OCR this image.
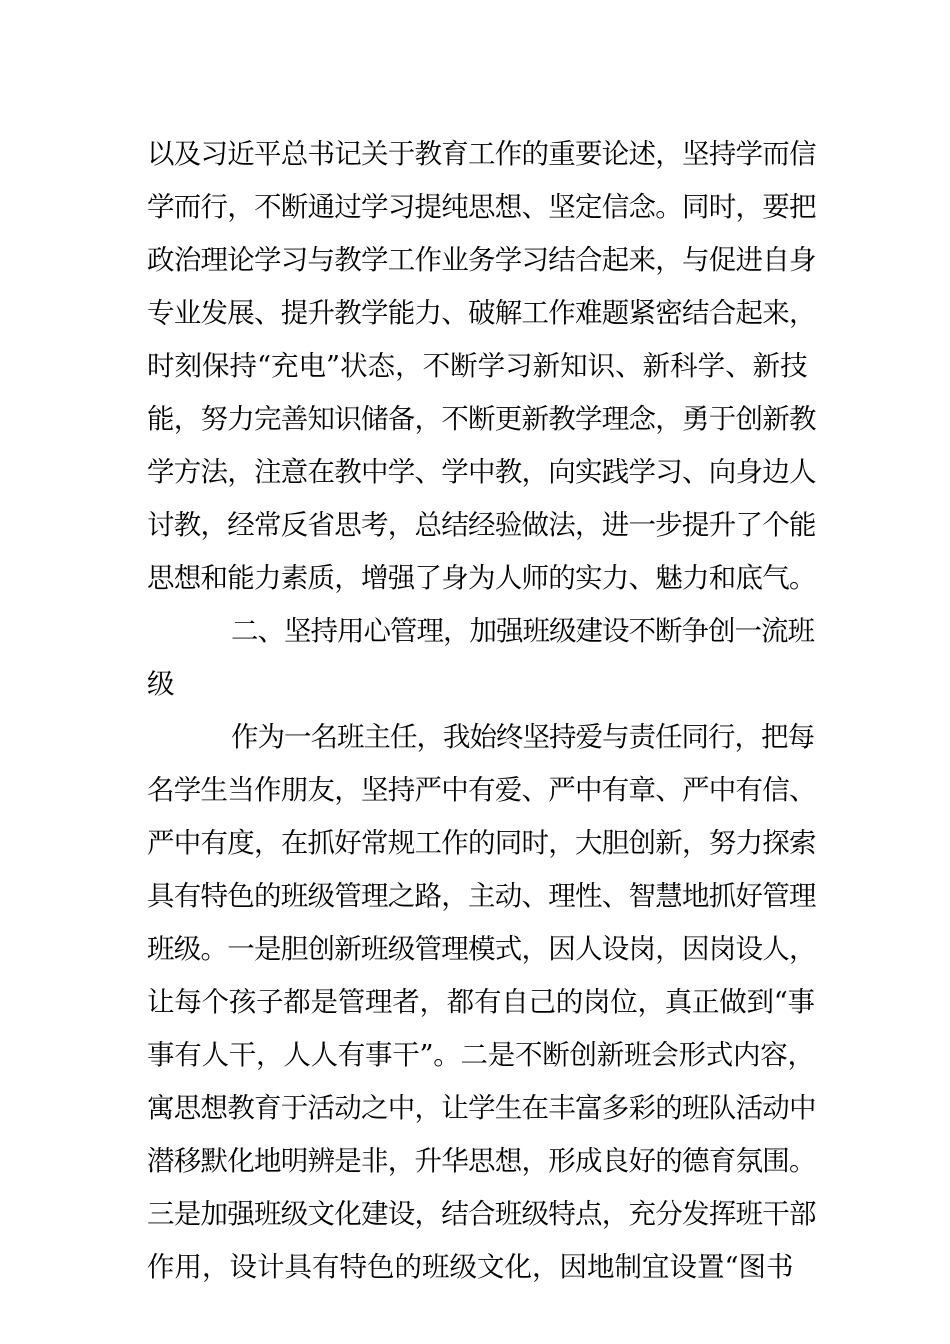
以及习近平总书记关于教育工作的重要论述，坚持学而信
学而行，不断通过学习提纯思想、坚定信念。同时，要把
政治理论学习与教学工作业务学习结合起来，与促进自身
专业发展、提升教学能力、破解工作难题紧密结合起来，
时刻保持“充电”状态，不断学习新知识、新科学、新技
能，努力完善知识储备，不断更新教学理念，勇于创新教
学方法，注意在教中学、学中教，向实践学习、向身边人
讨教，经常反省思考，总结经验做法，进一步提升了个能
思想和能力素质，增强了身为人师的实力、魅力和底气。
二、坚持用心管理，加强班级建设不断争创一流班
级
作为一名班主任，我始终坚持爱与责任同行，把每
名学生当作朋友，坚持严中有爱、严中有章、严中有信、
严中有度，在抓好常规工作的同时，大胆创新，努力探索
具有特色的班级管理之路，主动、理性、智慧地抓好管理
班级。一是胆创新班级管理模式，因人设岗，因岗设人，
让每个孩子都是管理者，都有自己的岗位，真正做到“事
事有人干，人人有事干”。二是不断创新班会形式内容，
寓思想教育于活动之中，让学生在丰富多彩的班队活动中
潜移默化地明辨是非，升华思想，形成良好的德育氛围。
三是加强班级文化建设，结合班级特点，充分发挥班干部
作用，设计具有特色的班级文化，因地制宜设置“图书
